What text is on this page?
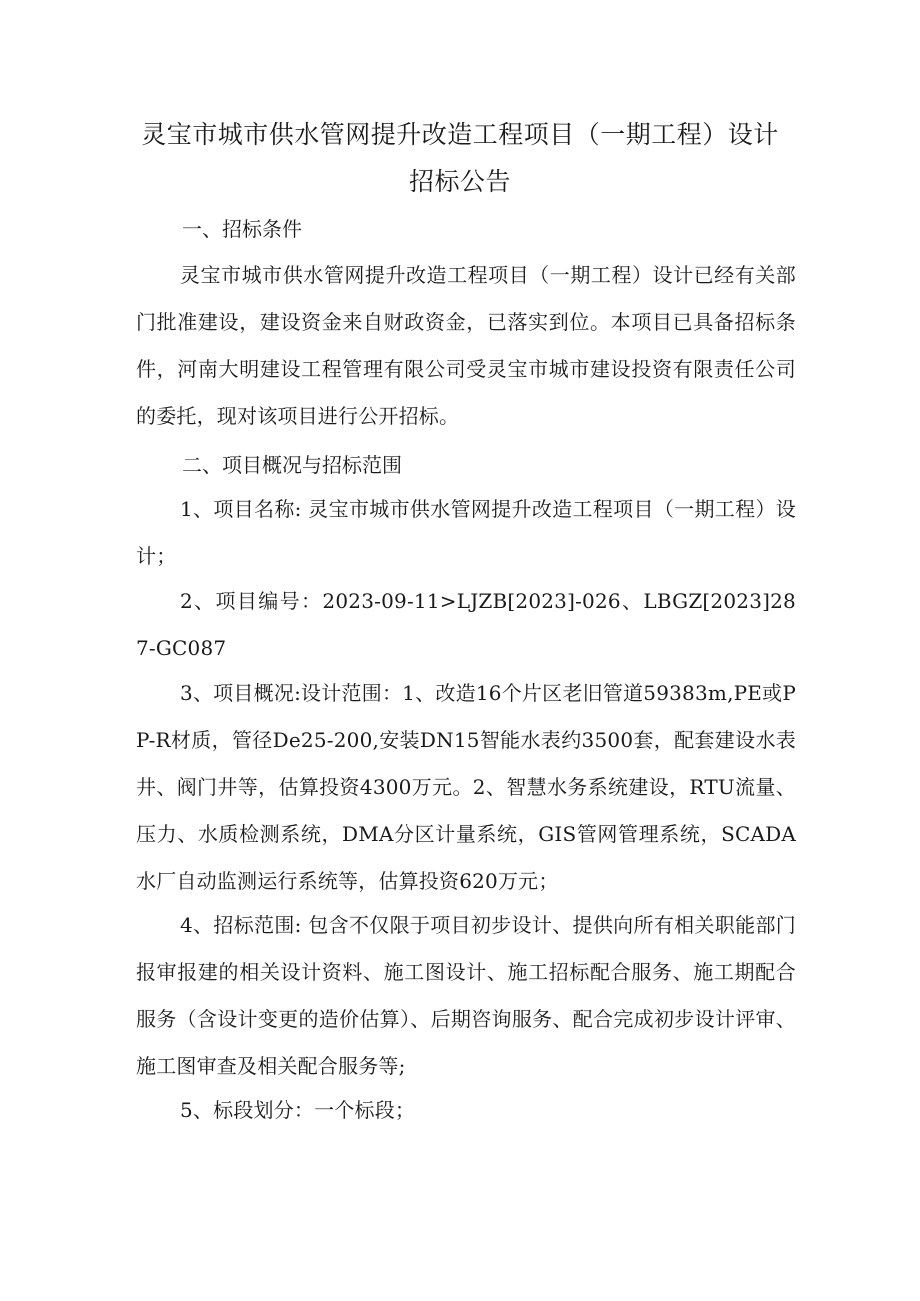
灵宝市城市供水管网提升改造工程项目（一期工程）设计
招标公告
一、招标条件
灵宝市城市供水管网提升改造工程项目（一期工程）设计已经有关部门批准建设，建设资金来自财政资金，已落实到位。本项目已具备招标条件，河南大明建设工程管理有限公司受灵宝市城市建设投资有限责任公司的委托，现对该项目进行公开招标。
二、项目概况与招标范围
1、项目名称: 灵宝市城市供水管网提升改造工程项目（一期工程）设计；
2、项目编号：2023-09-11>LJZB[2023]-026、LBGZ[2023]287-GC087
3、项目概况:设计范围：1、改造16个片区老旧管道59383m,PE或PP-R材质，管径De25-200,安装DN15智能水表约3500套，配套建设水表井、阀门井等，估算投资4300万元。2、智慧水务系统建设，RTU流量、压力、水质检测系统，DMA分区计量系统，GIS管网管理系统，SCADA水厂自动监测运行系统等，估算投资620万元；
4、招标范围: 包含不仅限于项目初步设计、提供向所有相关职能部门报审报建的相关设计资料、施工图设计、施工招标配合服务、施工期配合服务（含设计变更的造价估算）、后期咨询服务、配合完成初步设计评审、施工图审查及相关配合服务等;
5、标段划分：一个标段；
